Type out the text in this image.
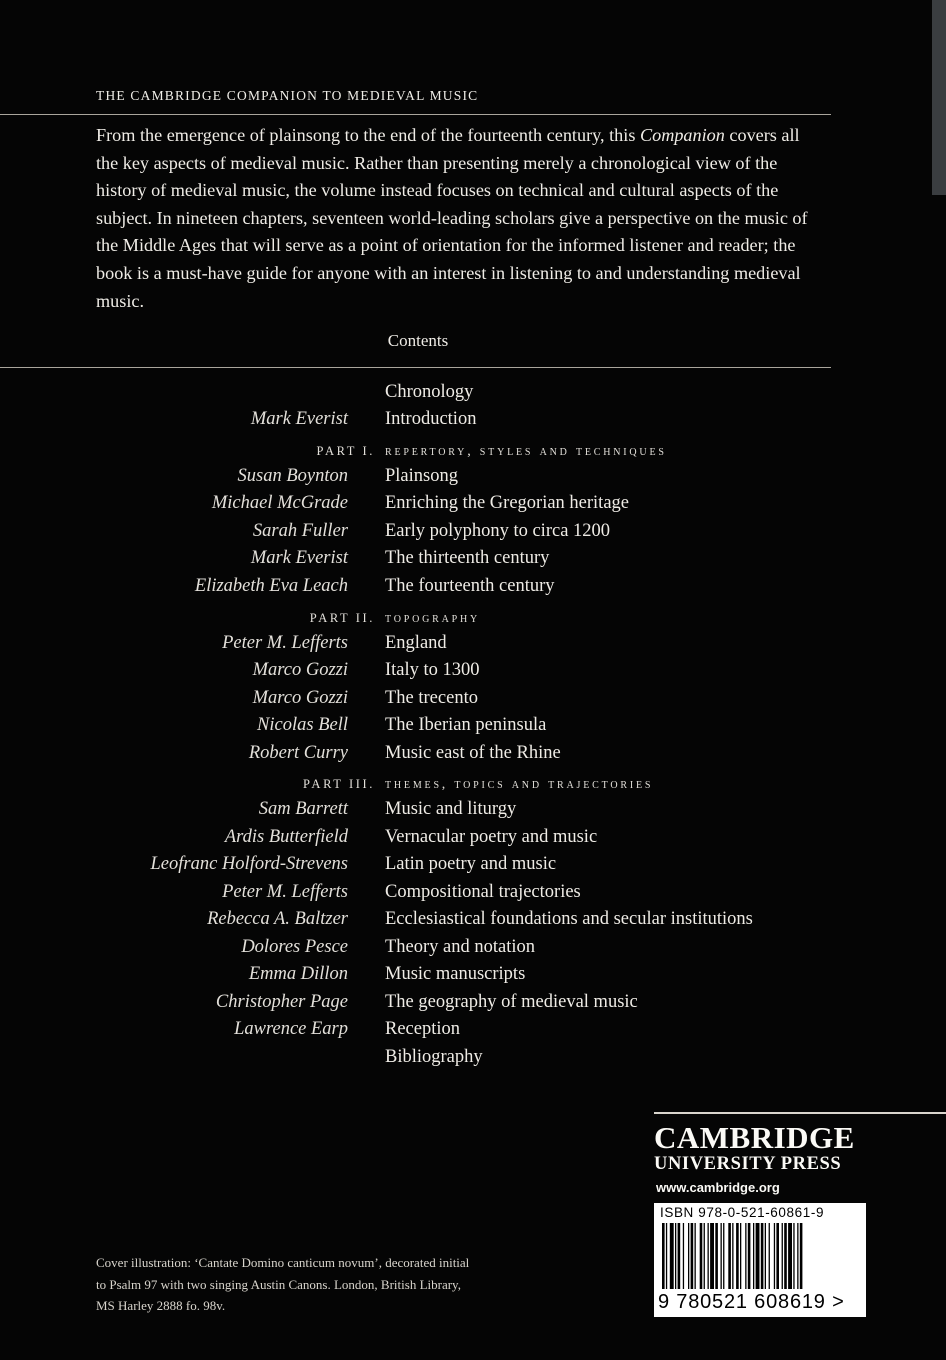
THE CAMBRIDGE COMPANION TO MEDIEVAL MUSIC

From the emergence of plainsong to the end of the fourteenth century, this Companion covers all the key aspects of medieval music. Rather than presenting merely a chronological view of the history of medieval music, the volume instead focuses on technical and cultural aspects of the subject. In nineteen chapters, seventeen world-leading scholars give a perspective on the music of the Middle Ages that will serve as a point of orientation for the informed listener and reader; the book is a must-have guide for anyone with an interest in listening to and understanding medieval music.

Contents
Chronology
Mark Everist Introduction
PART I. repertory, styles and techniques
Susan Boynton Plainsong
Michael McGrade Enriching the Gregorian heritage
Sarah Fuller Early polyphony to circa 1200
Mark Everist The thirteenth century
Elizabeth Eva Leach The fourteenth century
PART II. topography
Peter M. Lefferts England
Marco Gozzi Italy to 1300
Marco Gozzi The trecento
Nicolas Bell The Iberian peninsula
Robert Curry Music east of the Rhine
PART III. themes, topics and trajectories
Sam Barrett Music and liturgy
Ardis Butterfield Vernacular poetry and music
Leofranc Holford-Strevens Latin poetry and music
Peter M. Lefferts Compositional trajectories
Rebecca A. Baltzer Ecclesiastical foundations and secular institutions
Dolores Pesce Theory and notation
Emma Dillon Music manuscripts
Christopher Page The geography of medieval music
Lawrence Earp Reception
Bibliography

Cover illustration: ‘Cantate Domino canticum novum’, decorated initial to Psalm 97 with two singing Austin Canons. London, British Library, MS Harley 2888 fo. 98v.

CAMBRIDGE
UNIVERSITY PRESS
www.cambridge.org
ISBN 978-0-521-60861-9
9 780521 608619 >
